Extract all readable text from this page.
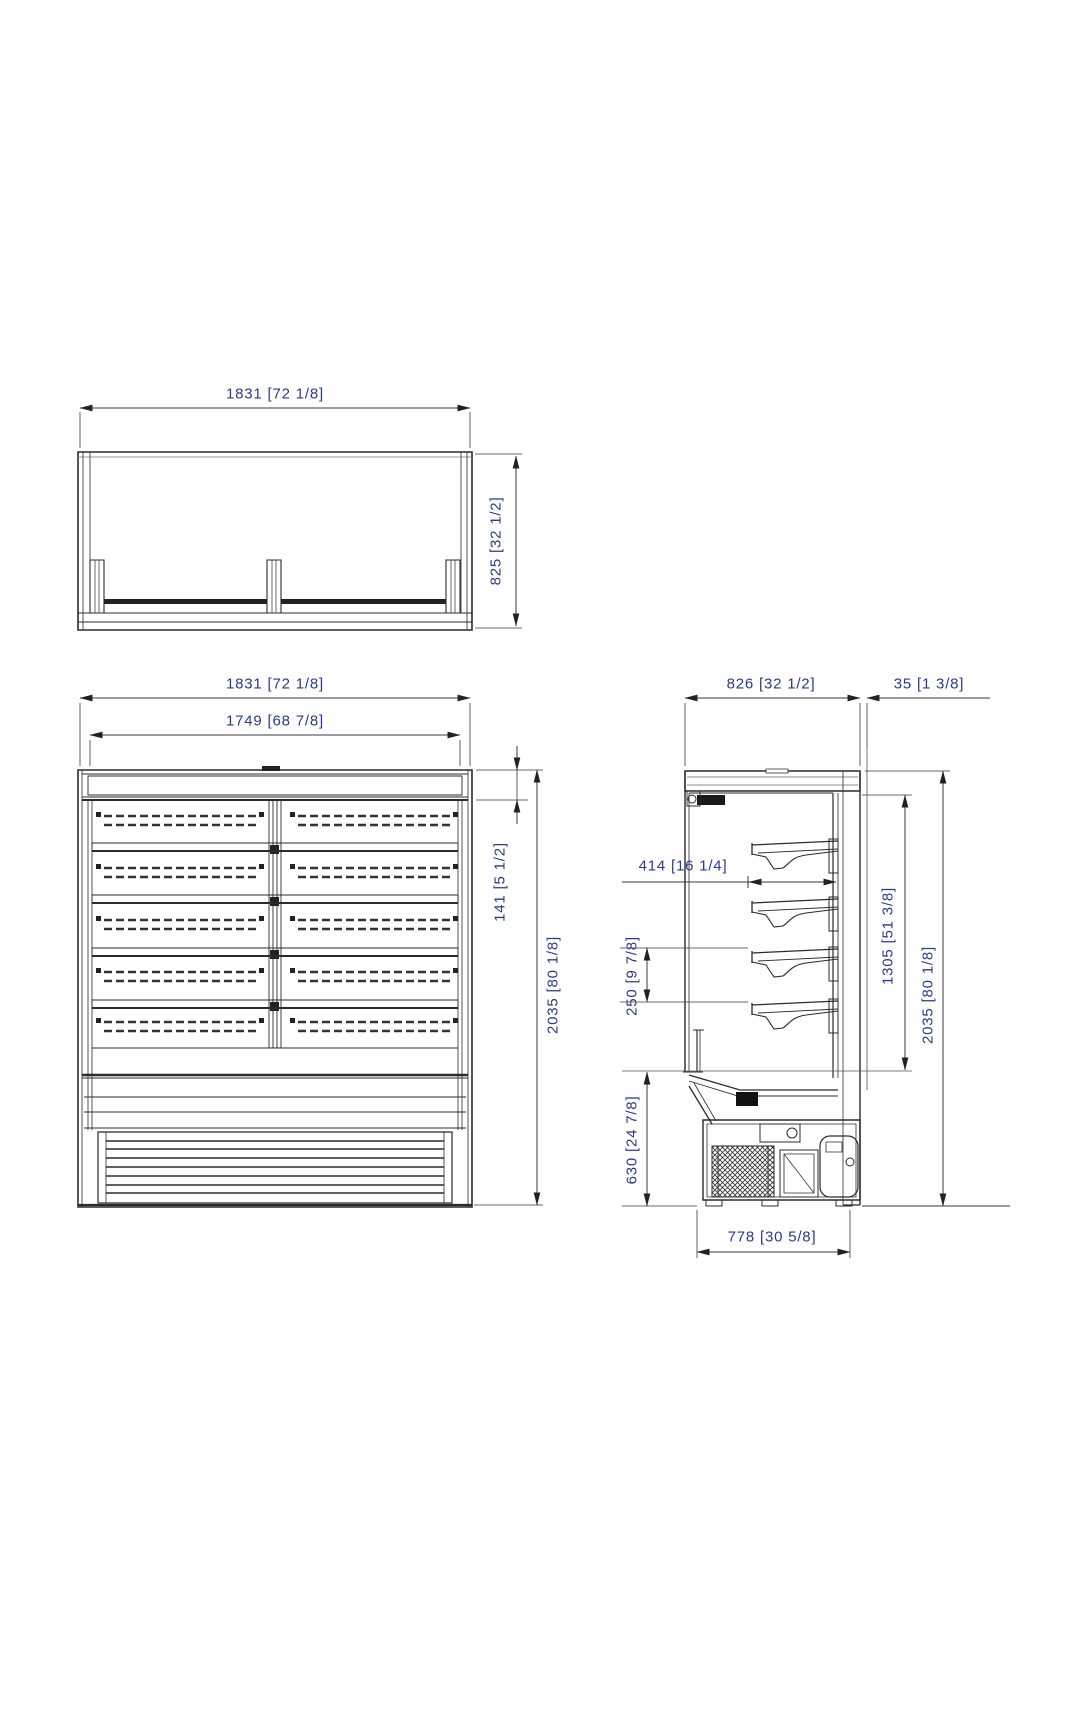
1831 [72 1/8]
825 [32 1/2]
1831 [72 1/8]
1749 [68 7/8]
141 [5 1/2]
2035 [80 1/8]
826 [32 1/2]	35 [1 3/8]
414 [16 1/4]
250 [9 7/8]	1305 [51 3/8]
2035 [80 1/8]
630 [24 7/8]
778 [30 5/8]
